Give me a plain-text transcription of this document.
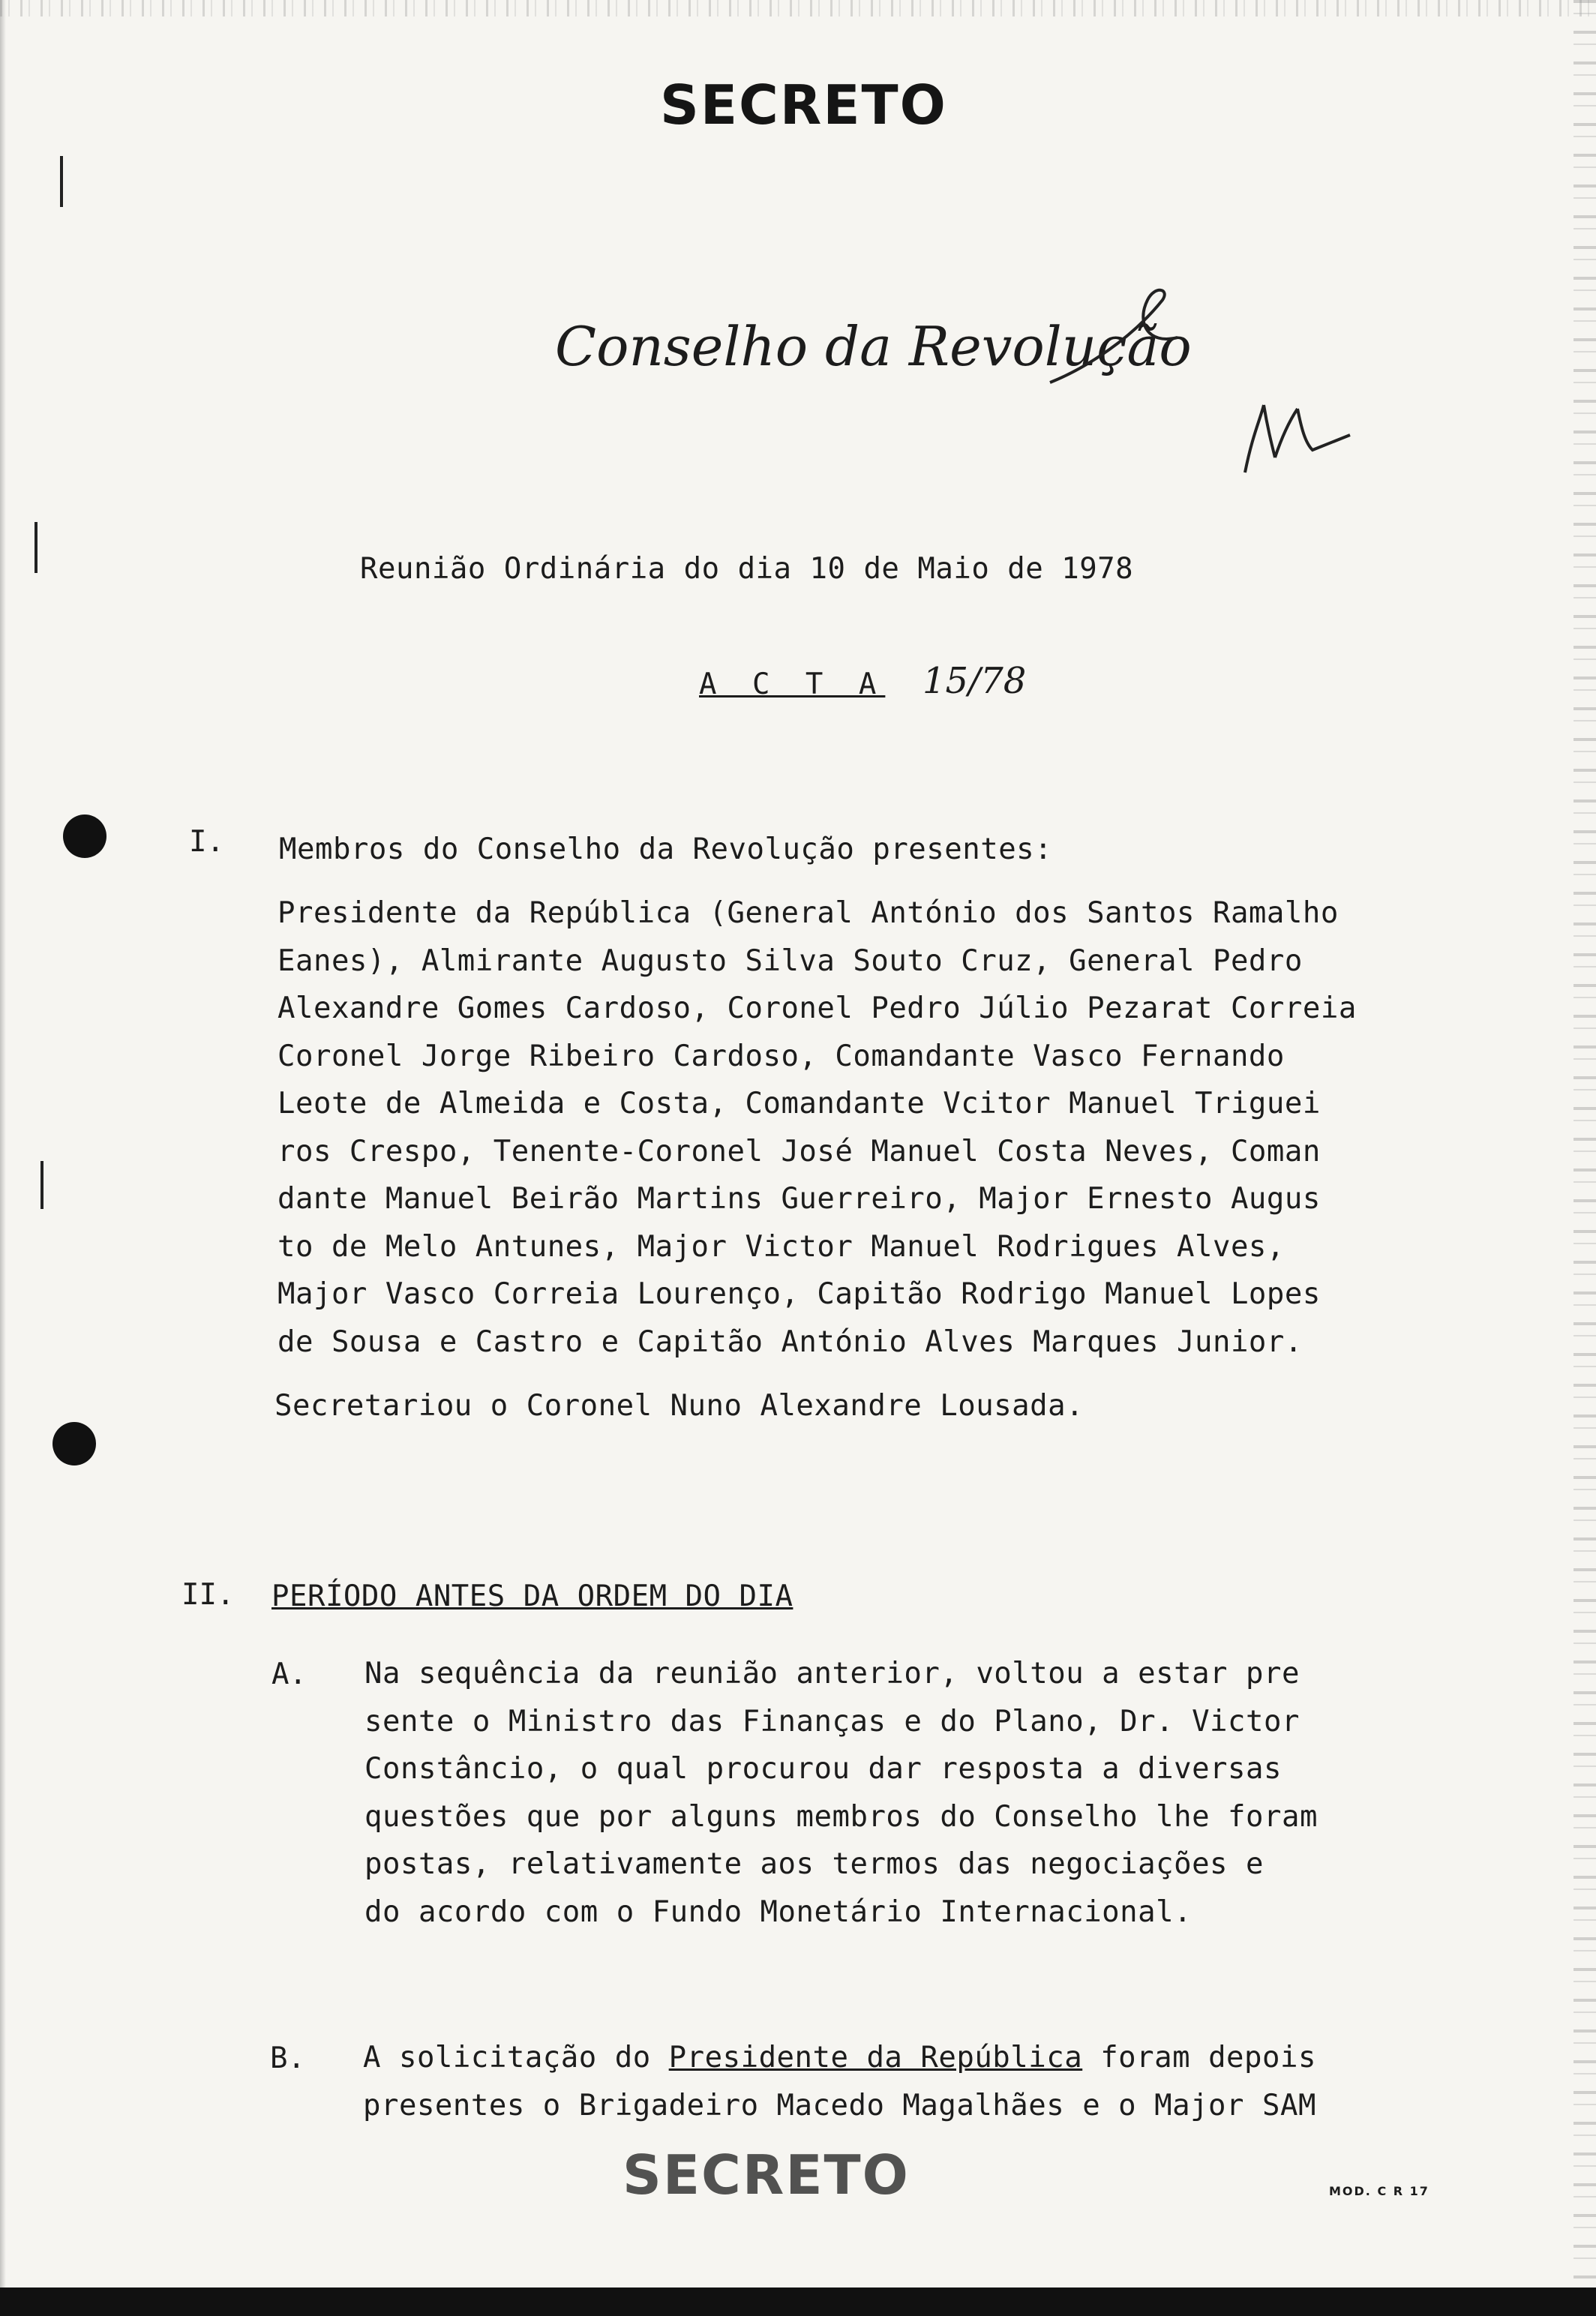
SECRETO
Conselho da Revolução
Reunião Ordinária do dia 10 de Maio de 1978
A C T A 15/78
I. Membros do Conselho da Revolução presentes:
Presidente da República (General António dos Santos Ramalho
Eanes), Almirante Augusto Silva Souto Cruz, General Pedro
Alexandre Gomes Cardoso, Coronel Pedro Júlio Pezarat Correia
Coronel Jorge Ribeiro Cardoso, Comandante Vasco Fernando
Leote de Almeida e Costa, Comandante Vcitor Manuel Triguei
ros Crespo, Tenente-Coronel José Manuel Costa Neves, Coman
dante Manuel Beirão Martins Guerreiro, Major Ernesto Augus
to de Melo Antunes, Major Victor Manuel Rodrigues Alves,
Major Vasco Correia Lourenço, Capitão Rodrigo Manuel Lopes
de Sousa e Castro e Capitão António Alves Marques Junior.
Secretariou o Coronel Nuno Alexandre Lousada.
II. PERÍODO ANTES DA ORDEM DO DIA
A. Na sequência da reunião anterior, voltou a estar pre
sente o Ministro das Finanças e do Plano, Dr. Victor
Constâncio, o qual procurou dar resposta a diversas
questões que por alguns membros do Conselho lhe foram
postas, relativamente aos termos das negociações e
do acordo com o Fundo Monetário Internacional.
B. A solicitação do Presidente da República foram depois
presentes o Brigadeiro Macedo Magalhães e o Major SAM
SECRETO	MOD. C R 17
